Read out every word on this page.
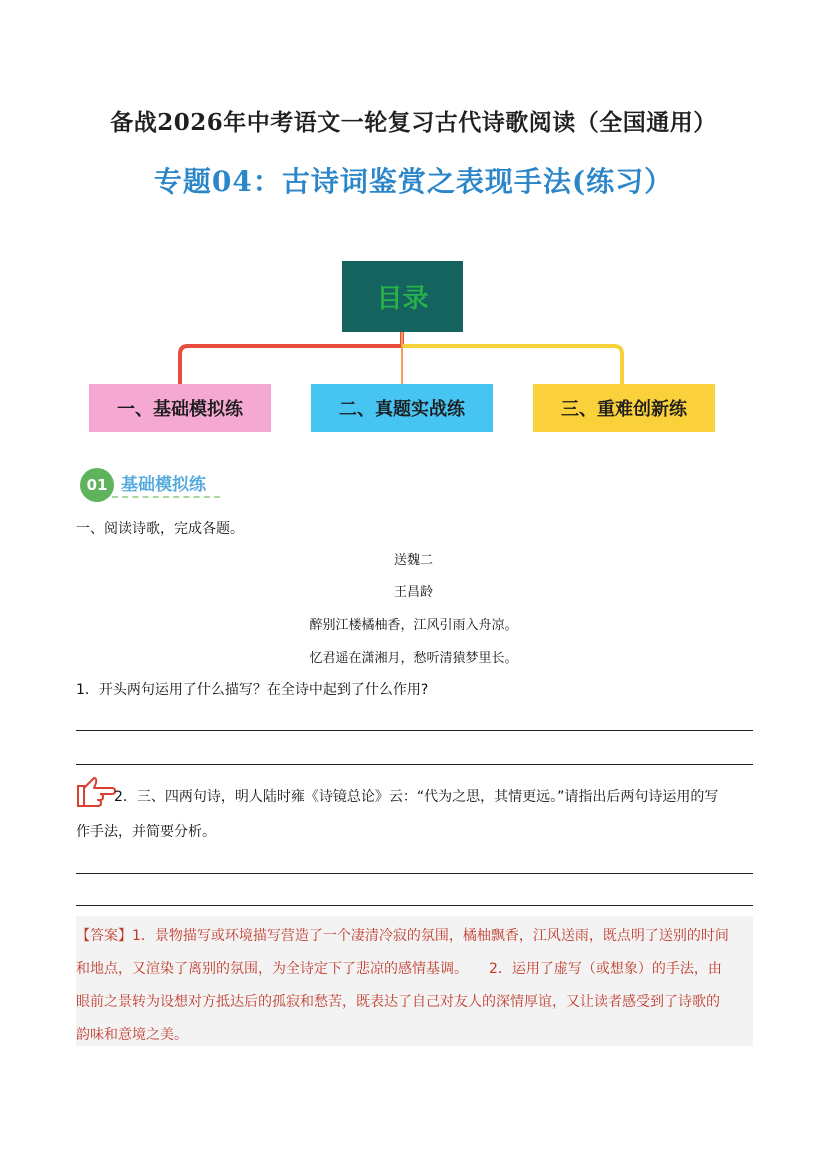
备战2026年中考语文一轮复习古代诗歌阅读（全国通用）
专题04：古诗词鉴赏之表现手法(练习）
目录
一、基础模拟练	二、真题实战练	三、重难创新练
01 基础模拟练
一、阅读诗歌，完成各题。
送魏二
王昌龄
醉别江楼橘柚香，江风引雨入舟凉。
忆君遥在潇湘月，愁听清猿梦里长。
1．开头两句运用了什么描写？在全诗中起到了什么作用?
2．三、四两句诗，明人陆时雍《诗镜总论》云：“代为之思，其情更远。”请指出后两句诗运用的写
作手法，并简要分析。
【答案】1．景物描写或环境描写营造了一个凄清冷寂的氛围，橘柚飘香，江风送雨，既点明了送别的时间
和地点，又渲染了离别的氛围，为全诗定下了悲凉的感情基调。　　2．运用了虚写（或想象）的手法，由
眼前之景转为设想对方抵达后的孤寂和愁苦，既表达了自己对友人的深情厚谊，又让读者感受到了诗歌的
韵味和意境之美。
